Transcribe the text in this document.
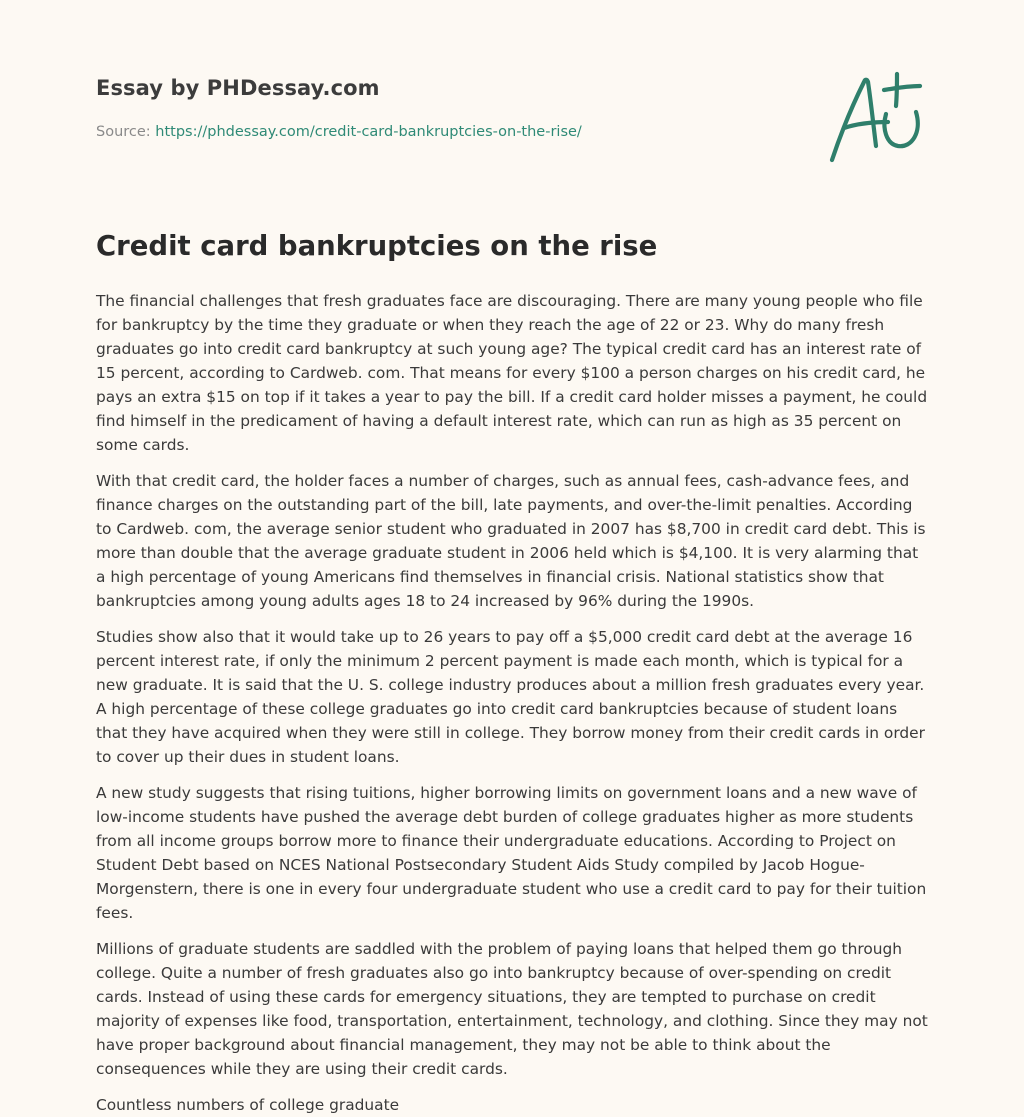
Essay by PHDessay.com
Source: https://phdessay.com/credit-card-bankruptcies-on-the-rise/
Credit card bankruptcies on the rise

The financial challenges that fresh graduates face are discouraging. There are many young people who file for bankruptcy by the time they graduate or when they reach the age of 22 or 23. Why do many fresh graduates go into credit card bankruptcy at such young age? The typical credit card has an interest rate of 15 percent, according to Cardweb. com. That means for every $100 a person charges on his credit card, he pays an extra $15 on top if it takes a year to pay the bill. If a credit card holder misses a payment, he could find himself in the predicament of having a default interest rate, which can run as high as 35 percent on some cards.

With that credit card, the holder faces a number of charges, such as annual fees, cash-advance fees, and finance charges on the outstanding part of the bill, late payments, and over-the-limit penalties. According to Cardweb. com, the average senior student who graduated in 2007 has $8,700 in credit card debt. This is more than double that the average graduate student in 2006 held which is $4,100. It is very alarming that a high percentage of young Americans find themselves in financial crisis. National statistics show that bankruptcies among young adults ages 18 to 24 increased by 96% during the 1990s.

Studies show also that it would take up to 26 years to pay off a $5,000 credit card debt at the average 16 percent interest rate, if only the minimum 2 percent payment is made each month, which is typical for a new graduate. It is said that the U. S. college industry produces about a million fresh graduates every year. A high percentage of these college graduates go into credit card bankruptcies because of student loans that they have acquired when they were still in college. They borrow money from their credit cards in order to cover up their dues in student loans.

A new study suggests that rising tuitions, higher borrowing limits on government loans and a new wave of low-income students have pushed the average debt burden of college graduates higher as more students from all income groups borrow more to finance their undergraduate educations. According to Project on Student Debt based on NCES National Postsecondary Student Aids Study compiled by Jacob Hogue-Morgenstern, there is one in every four undergraduate student who use a credit card to pay for their tuition fees.

Millions of graduate students are saddled with the problem of paying loans that helped them go through college. Quite a number of fresh graduates also go into bankruptcy because of over-spending on credit cards. Instead of using these cards for emergency situations, they are tempted to purchase on credit majority of expenses like food, transportation, entertainment, technology, and clothing. Since they may not have proper background about financial management, they may not be able to think about the consequences while they are using their credit cards.

Countless numbers of college graduate
